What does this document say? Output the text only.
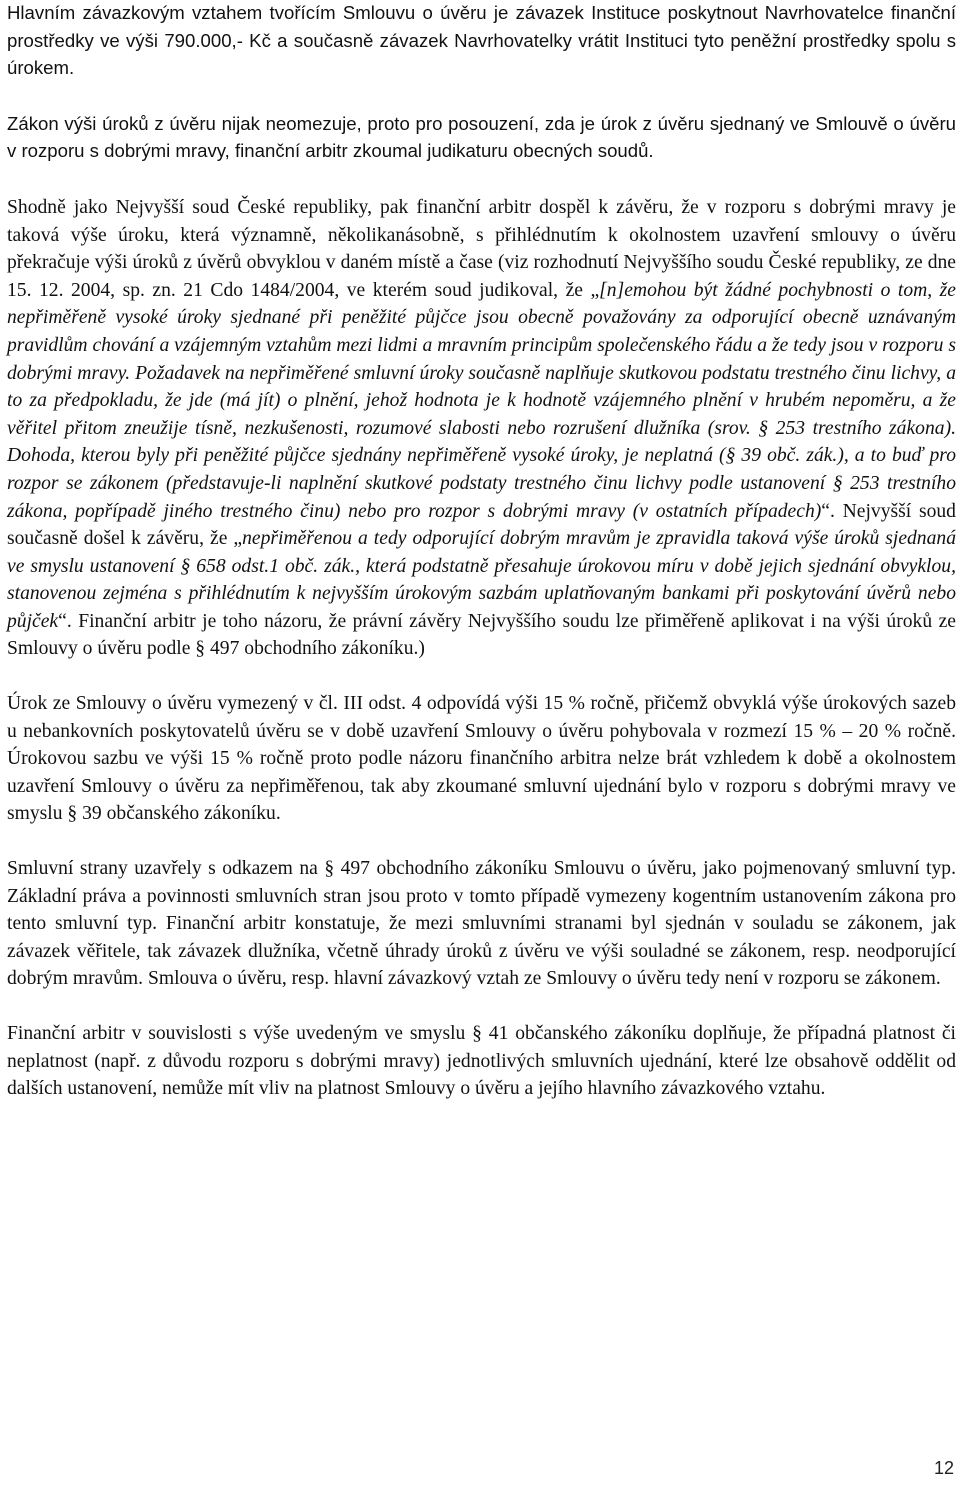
Hlavním závazkovým vztahem tvořícím Smlouvu o úvěru je závazek Instituce poskytnout Navrhovatelce finanční prostředky ve výši 790.000,- Kč a současně závazek Navrhovatelky vrátit Instituci tyto peněžní prostředky spolu s úrokem.

Zákon výši úroků z úvěru nijak neomezuje, proto pro posouzení, zda je úrok z úvěru sjednaný ve Smlouvě o úvěru v rozporu s dobrými mravy, finanční arbitr zkoumal judikaturu obecných soudů.

Shodně jako Nejvyšší soud České republiky, pak finanční arbitr dospěl k závěru, že v rozporu s dobrými mravy je taková výše úroku, která významně, několikanásobně, s přihlédnutím k okolnostem uzavření smlouvy o úvěru překračuje výši úroků z úvěrů obvyklou v daném místě a čase (viz rozhodnutí Nejvyššího soudu České republiky, ze dne 15. 12. 2004, sp. zn. 21 Cdo 1484/2004, ve kterém soud judikoval, že „[n]emohou být žádné pochybnosti o tom, že nepřiměřeně vysoké úroky sjednané při peněžité půjčce jsou obecně považovány za odporující obecně uznávaným pravidlům chování a vzájemným vztahům mezi lidmi a mravním principům společenského řádu a že tedy jsou v rozporu s dobrými mravy. Požadavek na nepřiměřené smluvní úroky současně naplňuje skutkovou podstatu trestného činu lichvy, a to za předpokladu, že jde (má jít) o plnění, jehož hodnota je k hodnotě vzájemného plnění v hrubém nepoměru, a že věřitel přitom zneužije tísně, nezkušenosti, rozumové slabosti nebo rozrušení dlužníka (srov. § 253 trestního zákona). Dohoda, kterou byly při peněžité půjčce sjednány nepřiměřeně vysoké úroky, je neplatná (§ 39 obč. zák.), a to buď pro rozpor se zákonem (představuje-li naplnění skutkové podstaty trestného činu lichvy podle ustanovení § 253 trestního zákona, popřípadě jiného trestného činu) nebo pro rozpor s dobrými mravy (v ostatních případech)“. Nejvyšší soud současně došel k závěru, že „nepřiměřenou a tedy odporující dobrým mravům je zpravidla taková výše úroků sjednaná ve smyslu ustanovení § 658 odst.1 obč. zák., která podstatně přesahuje úrokovou míru v době jejich sjednání obvyklou, stanovenou zejména s přihlédnutím k nejvyšším úrokovým sazbám uplatňovaným bankami při poskytování úvěrů nebo půjček“. Finanční arbitr je toho názoru, že právní závěry Nejvyššího soudu lze přiměřeně aplikovat i na výši úroků ze Smlouvy o úvěru podle § 497 obchodního zákoníku.)

Úrok ze Smlouvy o úvěru vymezený v čl. III odst. 4 odpovídá výši 15 % ročně, přičemž obvyklá výše úrokových sazeb u nebankovních poskytovatelů úvěru se v době uzavření Smlouvy o úvěru pohybovala v rozmezí 15 % – 20 % ročně. Úrokovou sazbu ve výši 15 % ročně proto podle názoru finančního arbitra nelze brát vzhledem k době a okolnostem uzavření Smlouvy o úvěru za nepřiměřenou, tak aby zkoumané smluvní ujednání bylo v rozporu s dobrými mravy ve smyslu § 39 občanského zákoníku.

Smluvní strany uzavřely s odkazem na § 497 obchodního zákoníku Smlouvu o úvěru, jako pojmenovaný smluvní typ. Základní práva a povinnosti smluvních stran jsou proto v tomto případě vymezeny kogentním ustanovením zákona pro tento smluvní typ. Finanční arbitr konstatuje, že mezi smluvními stranami byl sjednán v souladu se zákonem, jak závazek věřitele, tak závazek dlužníka, včetně úhrady úroků z úvěru ve výši souladné se zákonem, resp. neodporující dobrým mravům. Smlouva o úvěru, resp. hlavní závazkový vztah ze Smlouvy o úvěru tedy není v rozporu se zákonem.

Finanční arbitr v souvislosti s výše uvedeným ve smyslu § 41 občanského zákoníku doplňuje, že případná platnost či neplatnost (např. z důvodu rozporu s dobrými mravy) jednotlivých smluvních ujednání, které lze obsahově oddělit od dalších ustanovení, nemůže mít vliv na platnost Smlouvy o úvěru a jejího hlavního závazkového vztahu.

12
